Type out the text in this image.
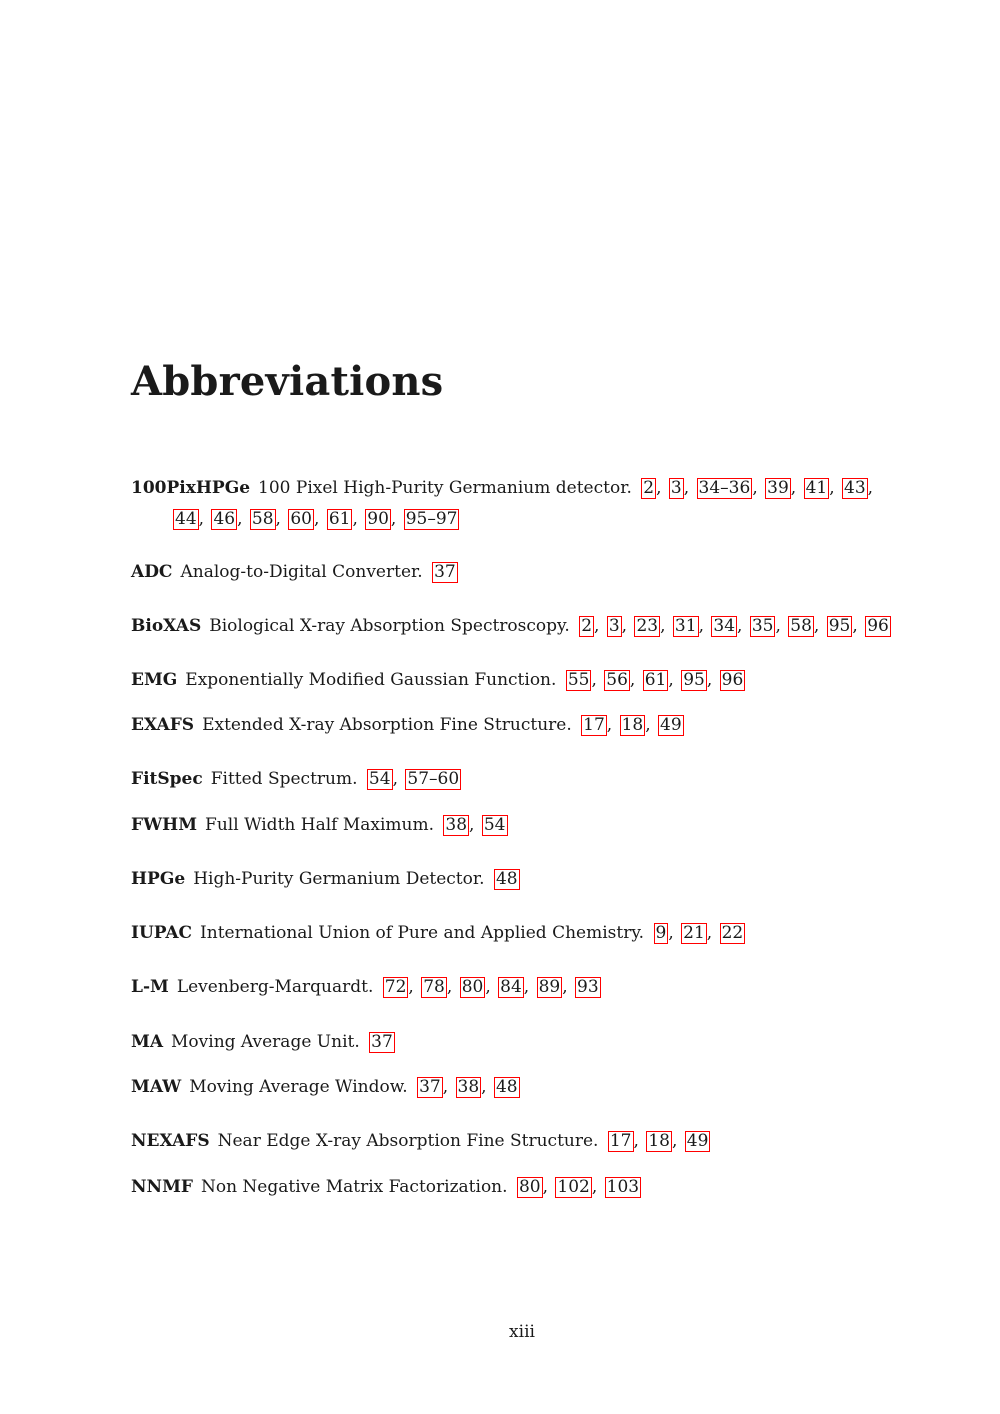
Abbreviations
100PixHPGe 100 Pixel High-Purity Germanium detector. 2 , 3 , 34–36 , 39 , 41 , 43 , 44 , 46 , 58 , 60 , 61 , 90 , 95–97
ADC Analog-to-Digital Converter. 37
BioXAS Biological X-ray Absorption Spectroscopy. 2 , 3 , 23 , 31 , 34 , 35 , 58 , 95 , 96
EMG Exponentially Modified Gaussian Function. 55 , 56 , 61 , 95 , 96
EXAFS Extended X-ray Absorption Fine Structure. 17 , 18 , 49
FitSpec Fitted Spectrum. 54 , 57–60
FWHM Full Width Half Maximum. 38 , 54
HPGe High-Purity Germanium Detector. 48
IUPAC International Union of Pure and Applied Chemistry. 9 , 21 , 22
L-M Levenberg-Marquardt. 72 , 78 , 80 , 84 , 89 , 93
MA Moving Average Unit. 37
MAW Moving Average Window. 37 , 38 , 48
NEXAFS Near Edge X-ray Absorption Fine Structure. 17 , 18 , 49
NNMF Non Negative Matrix Factorization. 80 , 102 , 103
xiii
